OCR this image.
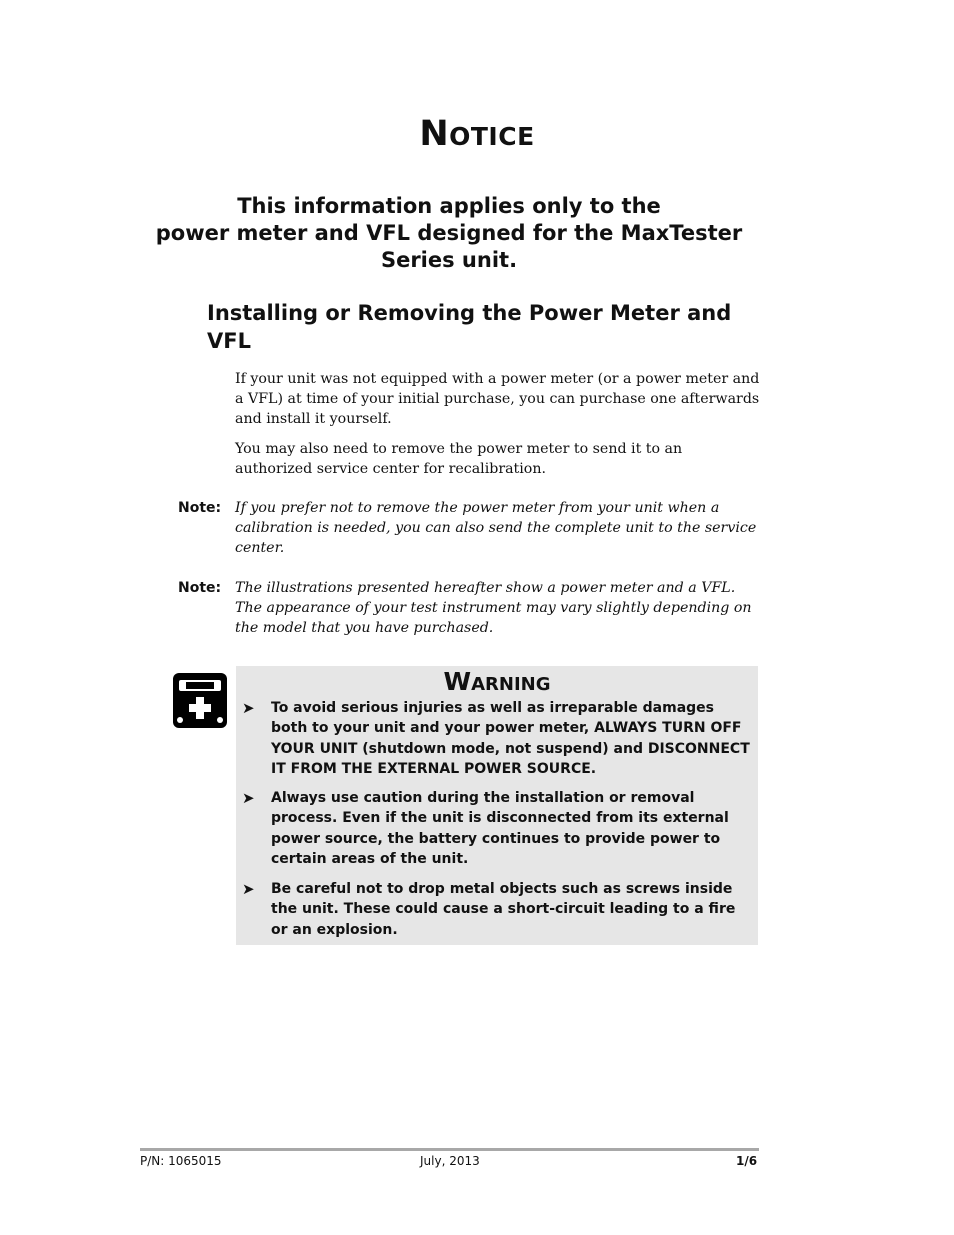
Notice
This information applies only to the
power meter and VFL designed for the MaxTester
Series unit.
Installing or Removing the Power Meter and
VFL

If your unit was not equipped with a power meter (or a power meter and a VFL) at time of your initial purchase, you can purchase one afterwards and install it yourself.

You may also need to remove the power meter to send it to an authorized service center for recalibration.

Note: If you prefer not to remove the power meter from your unit when a calibration is needed, you can also send the complete unit to the service center.

Note: The illustrations presented hereafter show a power meter and a VFL. The appearance of your test instrument may vary slightly depending on the model that you have purchased.

Warning
➤ To avoid serious injuries as well as irreparable damages both to your unit and your power meter, ALWAYS TURN OFF YOUR UNIT (shutdown mode, not suspend) and DISCONNECT IT FROM THE EXTERNAL POWER SOURCE.

➤ Always use caution during the installation or removal process. Even if the unit is disconnected from its external power source, the battery continues to provide power to certain areas of the unit.

➤ Be careful not to drop metal objects such as screws inside the unit. These could cause a short-circuit leading to a fire or an explosion.

P/N: 1065015	July, 2013	1/6
